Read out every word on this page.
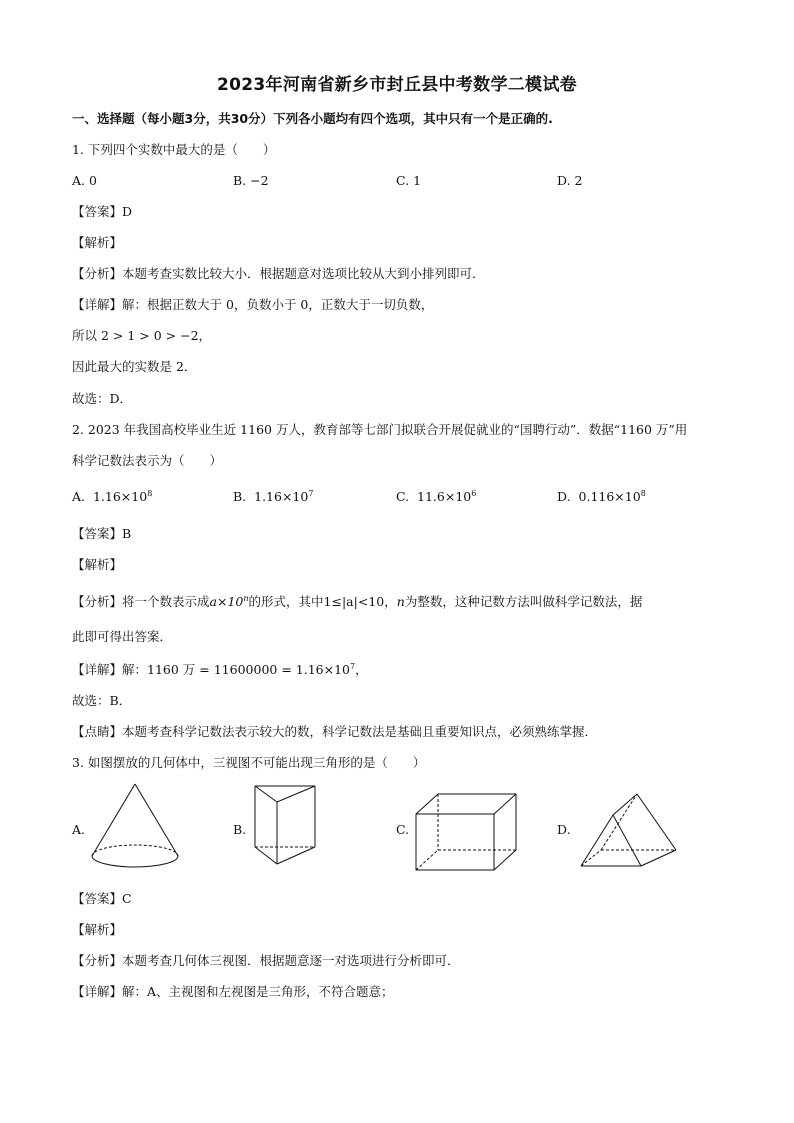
2023年河南省新乡市封丘县中考数学二模试卷
一、选择题（每小题3分，共30分）下列各小题均有四个选项，其中只有一个是正确的.
1. 下列四个实数中最大的是（　　）
A. 0	B. −2	C. 1	D. 2
【答案】D
【解析】
【分析】本题考查实数比较大小．根据题意对选项比较从大到小排列即可．
【详解】解：根据正数大于 0，负数小于 0，正数大于一切负数，
所以 2 > 1 > 0 > −2，
因此最大的实数是 2．
故选：D．
2. 2023 年我国高校毕业生近 1160 万人，教育部等七部门拟联合开展促就业的“国聘行动”．数据“1160 万”用
科学记数法表示为（　　）
A. $1.16\times 10^8$	B. $1.16\times 10^7$	C. $11.6\times 10^6$	D. $0.116\times 10^8$
【答案】B
【解析】
【分析】将一个数表示成$a\times 10^n$的形式，其中1≤|a|<10，n为整数，这种记数方法叫做科学记数法，据
此即可得出答案．
【详解】解：1160 万 = $11600000 = 1.16\times 10^7$，
故选：B．
【点睛】本题考查科学记数法表示较大的数，科学记数法是基础且重要知识点，必须熟练掌握．
3. 如图摆放的几何体中，三视图不可能出现三角形的是（　　）
A.	B.	C.	D.
【答案】C
【解析】
【分析】本题考查几何体三视图．根据题意逐一对选项进行分析即可．
【详解】解：A、主视图和左视图是三角形，不符合题意；
